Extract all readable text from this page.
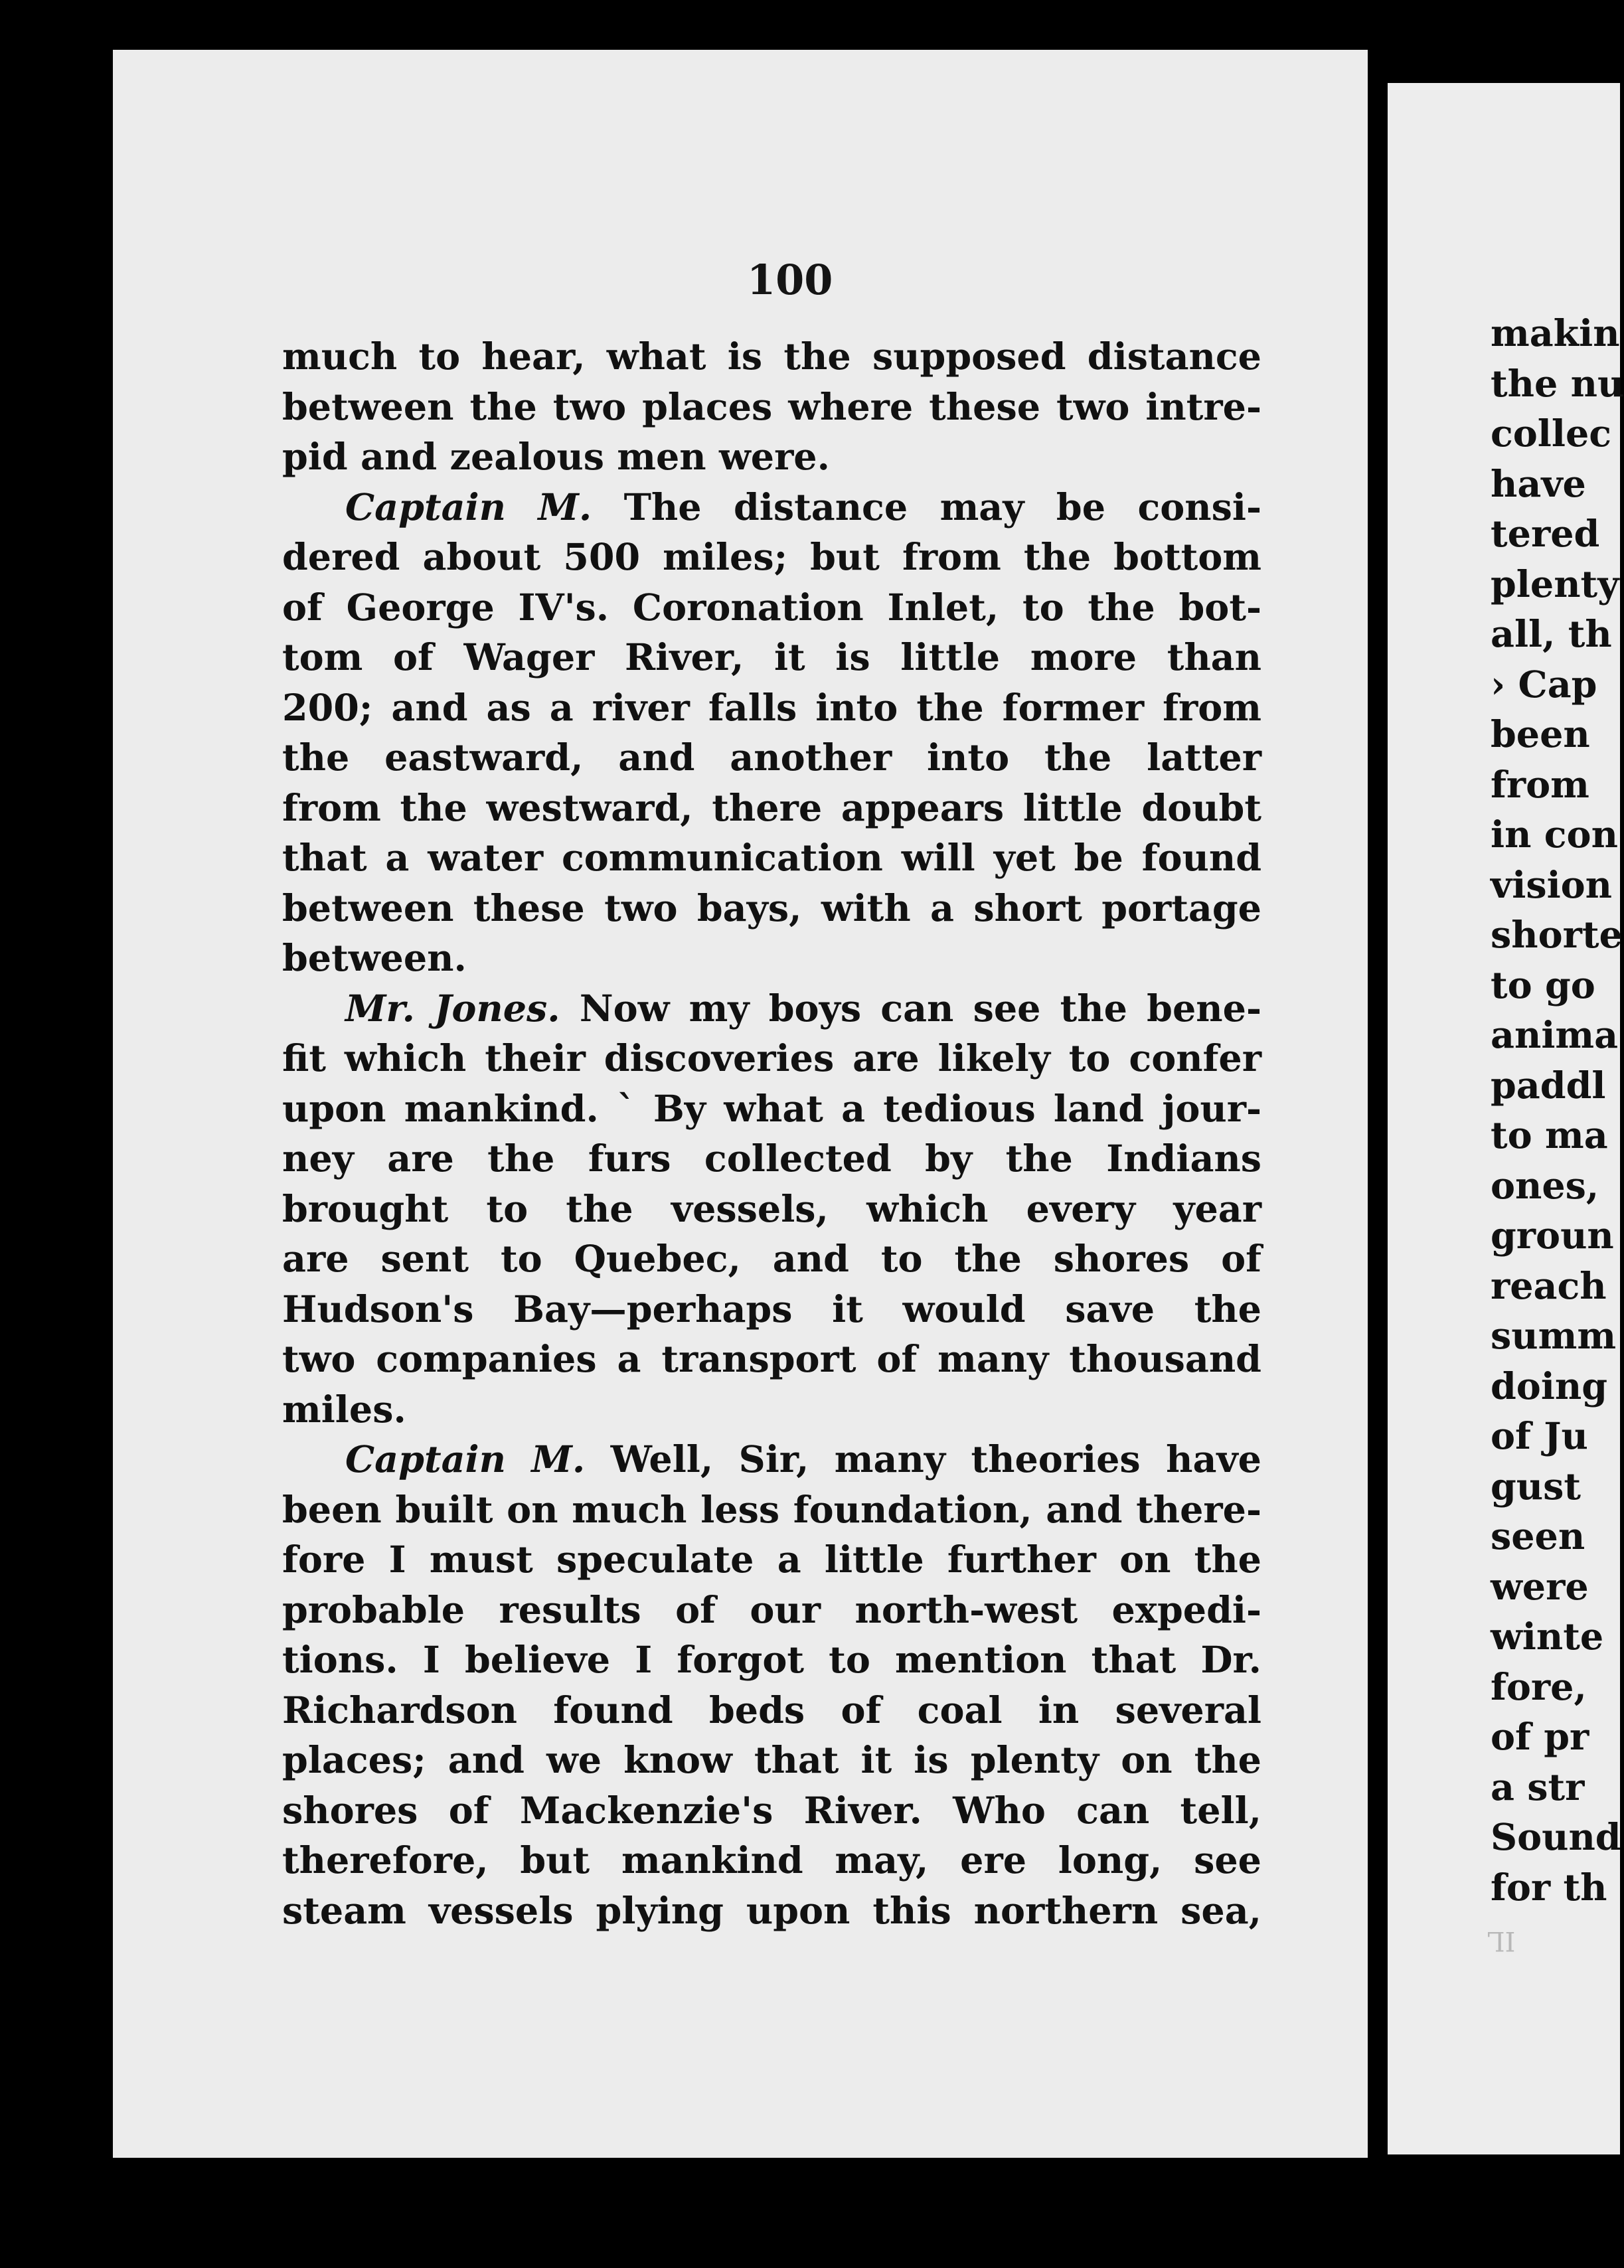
100
much to hear, what is the supposed distance
between the two places where these two intre-
pid and zealous men were.
Captain M. The distance may be consi-
dered about 500 miles; but from the bottom
of George IV's. Coronation Inlet, to the bot-
tom of Wager River, it is little more than
200; and as a river falls into the former from
the eastward, and another into the latter
from the westward, there appears little doubt
that a water communication will yet be found
between these two bays, with a short portage
between.
Mr. Jones. Now my boys can see the bene-
fit which their discoveries are likely to confer
upon mankind. ` By what a tedious land jour-
ney are the furs collected by the Indians
brought to the vessels, which every year
are sent to Quebec, and to the shores of
Hudson's Bay—perhaps it would save the
two companies a transport of many thousand
miles.
Captain M. Well, Sir, many theories have
been built on much less foundation, and there-
fore I must speculate a little further on the
probable results of our north-west expedi-
tions. I believe I forgot to mention that Dr.
Richardson found beds of coal in several
places; and we know that it is plenty on the
shores of Mackenzie's River. Who can tell,
therefore, but mankind may, ere long, see
steam vessels plying upon this northern sea,
makin
the nu
collec
have
tered
plenty
all, th
› Cap
been
from
in con
vision
shorte
to go
anima
paddl
to ma
ones,
groun
reach
summ
doing
of Ju
gust
seen
were
winte
fore,
of pr
a str
Sound
for th
IL
